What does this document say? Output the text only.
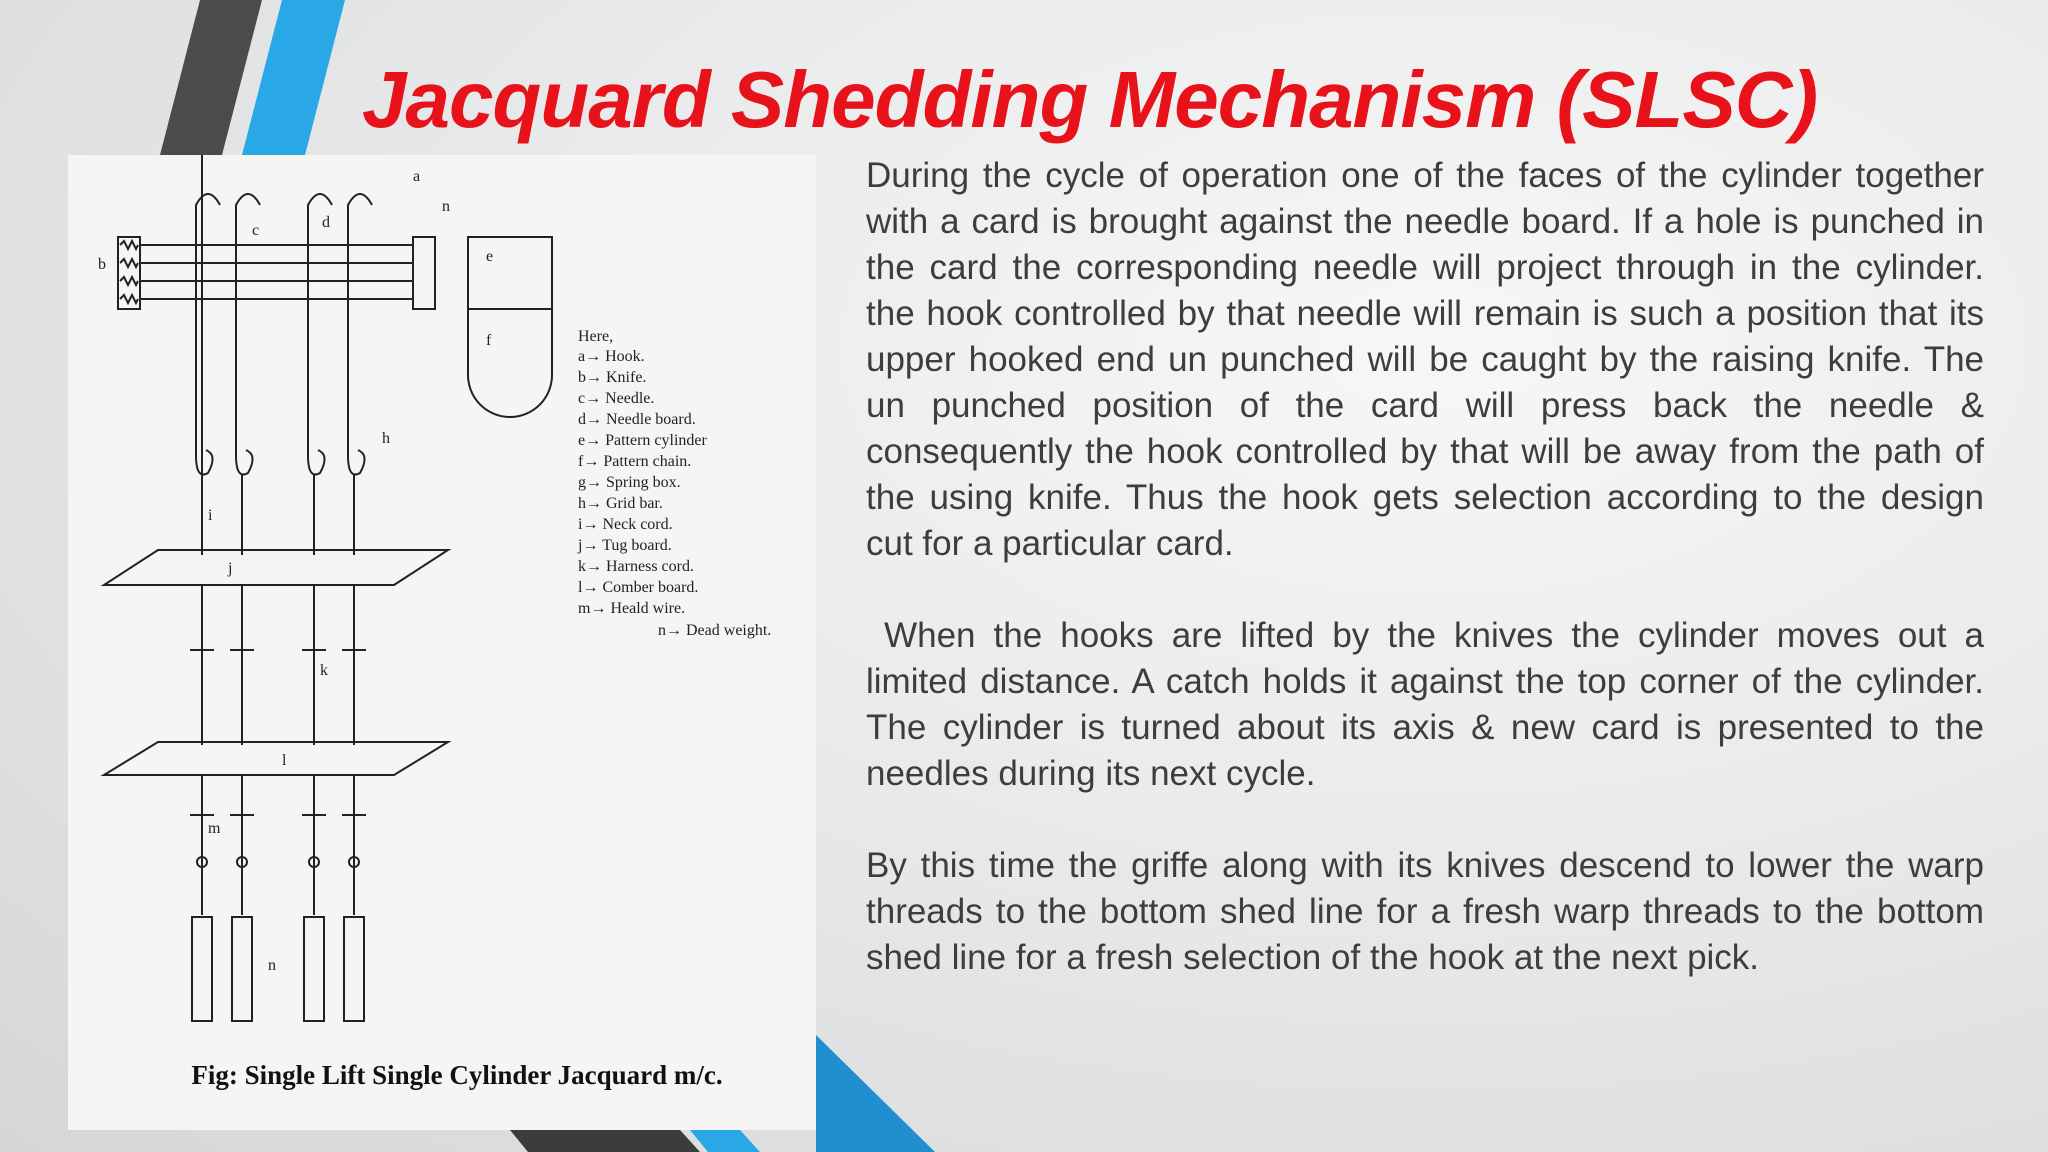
Jacquard Shedding Mechanism (SLSC)
a
n
b
c	d
e
f
h
i
j
k
l
m
n
Here,
a→ Hook.
b→ Knife.
c→ Needle.
d→ Needle board.
e→ Pattern cylinder
f→ Pattern chain.
g→ Spring box.
h→ Grid bar.
i→ Neck cord.
j→ Tug board.
k→ Harness cord.
l→ Comber board.
m→ Heald wire.
n→ Dead weight.
Fig: Single Lift Single Cylinder Jacquard m/c.

During the cycle of operation one of the faces of the cylinder together with a card is brought against the needle board. If a hole is punched in the card the corresponding needle will project through in the cylinder. the hook controlled by that needle will remain is such a position that its upper hooked end un punched will be caught by the raising knife. The un punched position of the card will press back the needle & consequently the hook controlled by that will be away from the path of the using knife. Thus the hook gets selection according to the design cut for a particular card.

When the hooks are lifted by the knives the cylinder moves out a limited distance. A catch holds it against the top corner of the cylinder. The cylinder is turned about its axis & new card is presented to the needles during its next cycle.

By this time the griffe along with its knives descend to lower the warp threads to the bottom shed line for a fresh warp threads to the bottom shed line for a fresh selection of the hook at the next pick.
